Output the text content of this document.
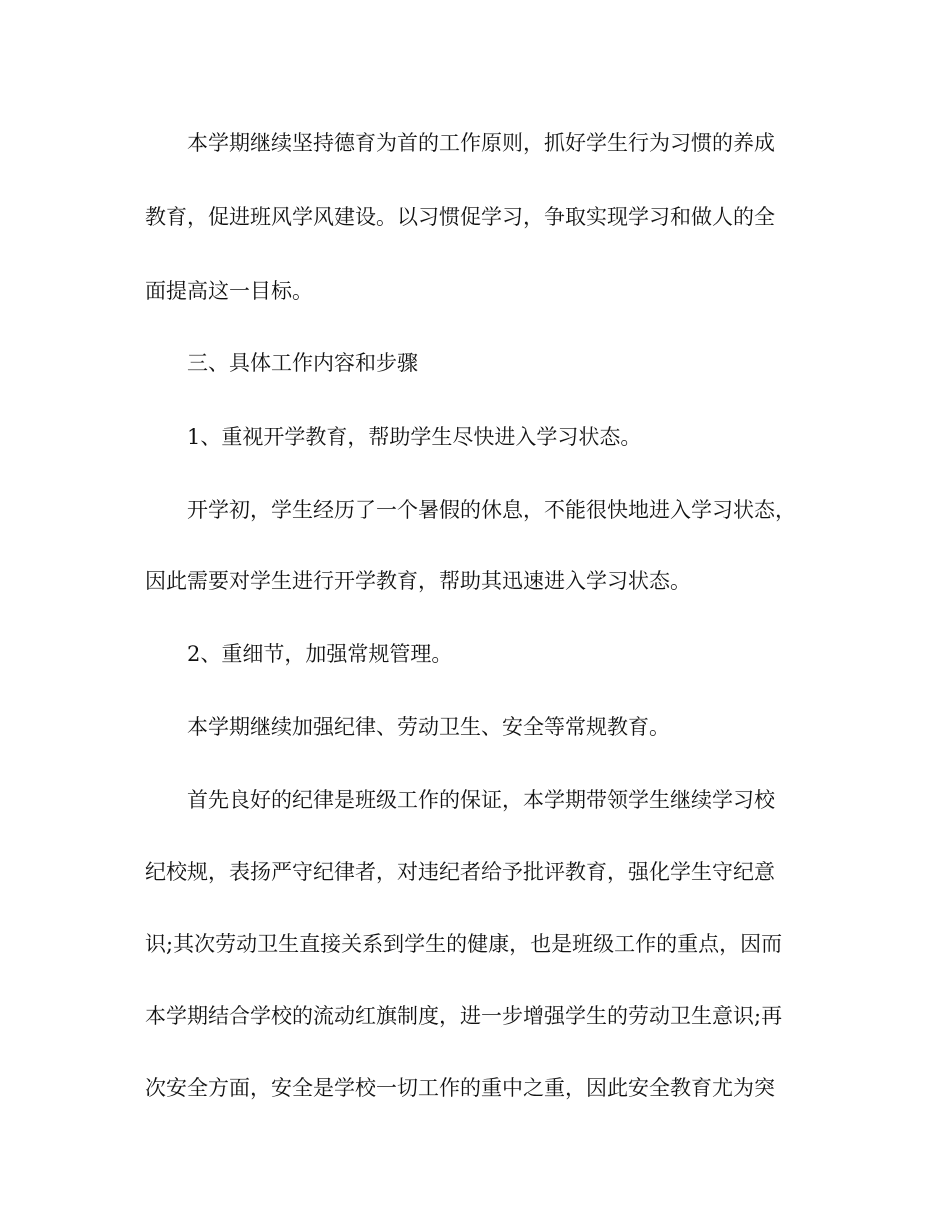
本学期继续坚持德育为首的工作原则，抓好学生行为习惯的养成

教育，促进班风学风建设。以习惯促学习，争取实现学习和做人的全

面提高这一目标。

三、具体工作内容和步骤

1、重视开学教育，帮助学生尽快进入学习状态。

开学初，学生经历了一个暑假的休息，不能很快地进入学习状态，

因此需要对学生进行开学教育，帮助其迅速进入学习状态。

2、重细节，加强常规管理。

本学期继续加强纪律、劳动卫生、安全等常规教育。

首先良好的纪律是班级工作的保证，本学期带领学生继续学习校

纪校规，表扬严守纪律者，对违纪者给予批评教育，强化学生守纪意

识;其次劳动卫生直接关系到学生的健康，也是班级工作的重点，因而

本学期结合学校的流动红旗制度，进一步增强学生的劳动卫生意识;再

次安全方面，安全是学校一切工作的重中之重，因此安全教育尤为突
